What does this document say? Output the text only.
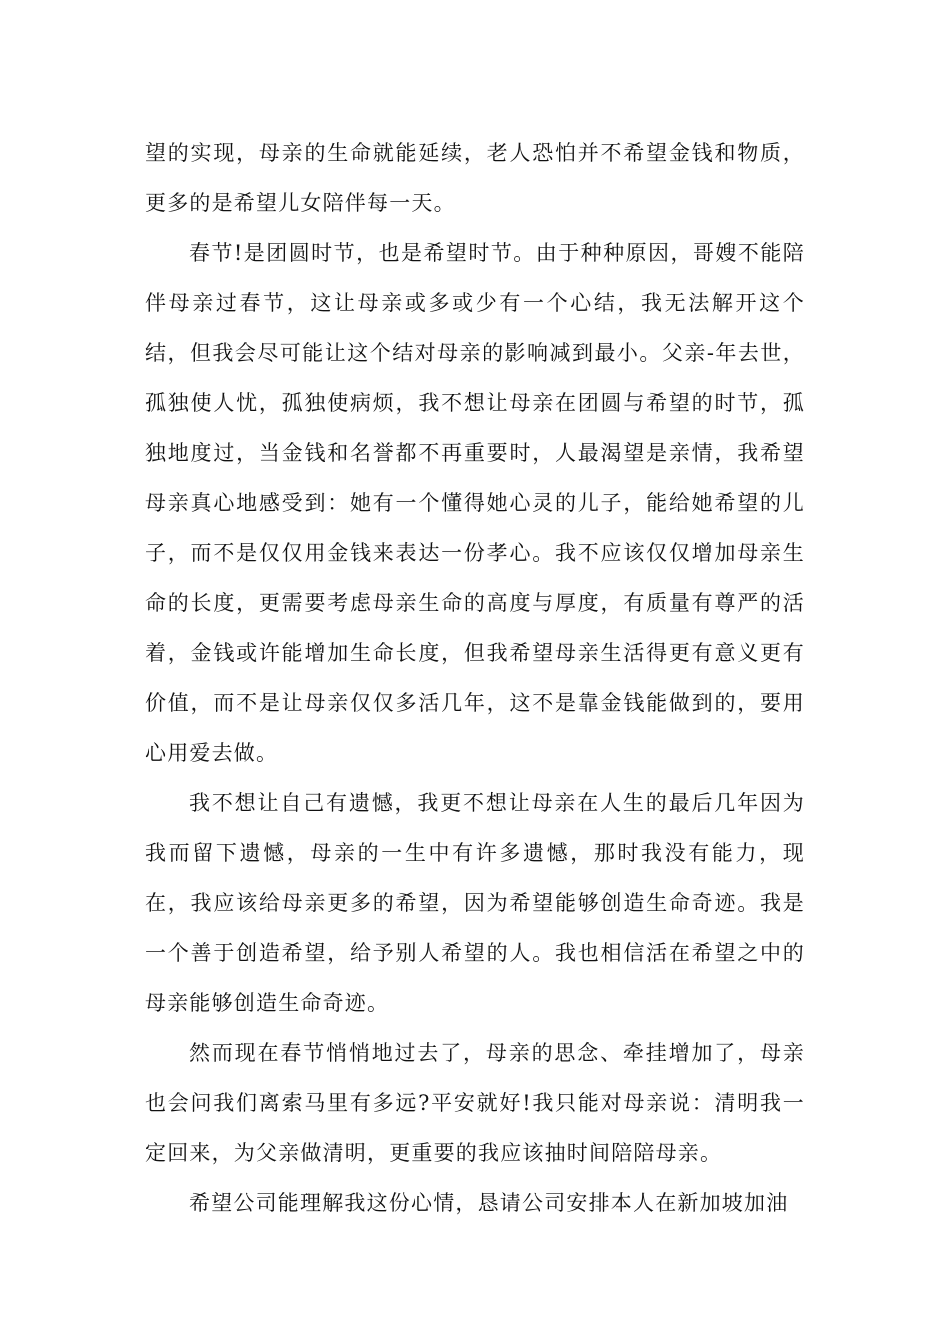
望的实现，母亲的生命就能延续，老人恐怕并不希望金钱和物质，更多的是希望儿女陪伴每一天。

春节!是团圆时节，也是希望时节。由于种种原因，哥嫂不能陪伴母亲过春节，这让母亲或多或少有一个心结，我无法解开这个结，但我会尽可能让这个结对母亲的影响减到最小。父亲-年去世，孤独使人忧，孤独使病烦，我不想让母亲在团圆与希望的时节，孤独地度过，当金钱和名誉都不再重要时，人最渴望是亲情，我希望母亲真心地感受到：她有一个懂得她心灵的儿子，能给她希望的儿子，而不是仅仅用金钱来表达一份孝心。我不应该仅仅增加母亲生命的长度，更需要考虑母亲生命的高度与厚度，有质量有尊严的活着，金钱或许能增加生命长度，但我希望母亲生活得更有意义更有价值，而不是让母亲仅仅多活几年，这不是靠金钱能做到的，要用心用爱去做。

我不想让自己有遗憾，我更不想让母亲在人生的最后几年因为我而留下遗憾，母亲的一生中有许多遗憾，那时我没有能力，现在，我应该给母亲更多的希望，因为希望能够创造生命奇迹。我是一个善于创造希望，给予别人希望的人。我也相信活在希望之中的母亲能够创造生命奇迹。

然而现在春节悄悄地过去了，母亲的思念、牵挂增加了，母亲也会问我们离索马里有多远?平安就好!我只能对母亲说：清明我一定回来，为父亲做清明，更重要的我应该抽时间陪陪母亲。

希望公司能理解我这份心情，恳请公司安排本人在新加坡加油
